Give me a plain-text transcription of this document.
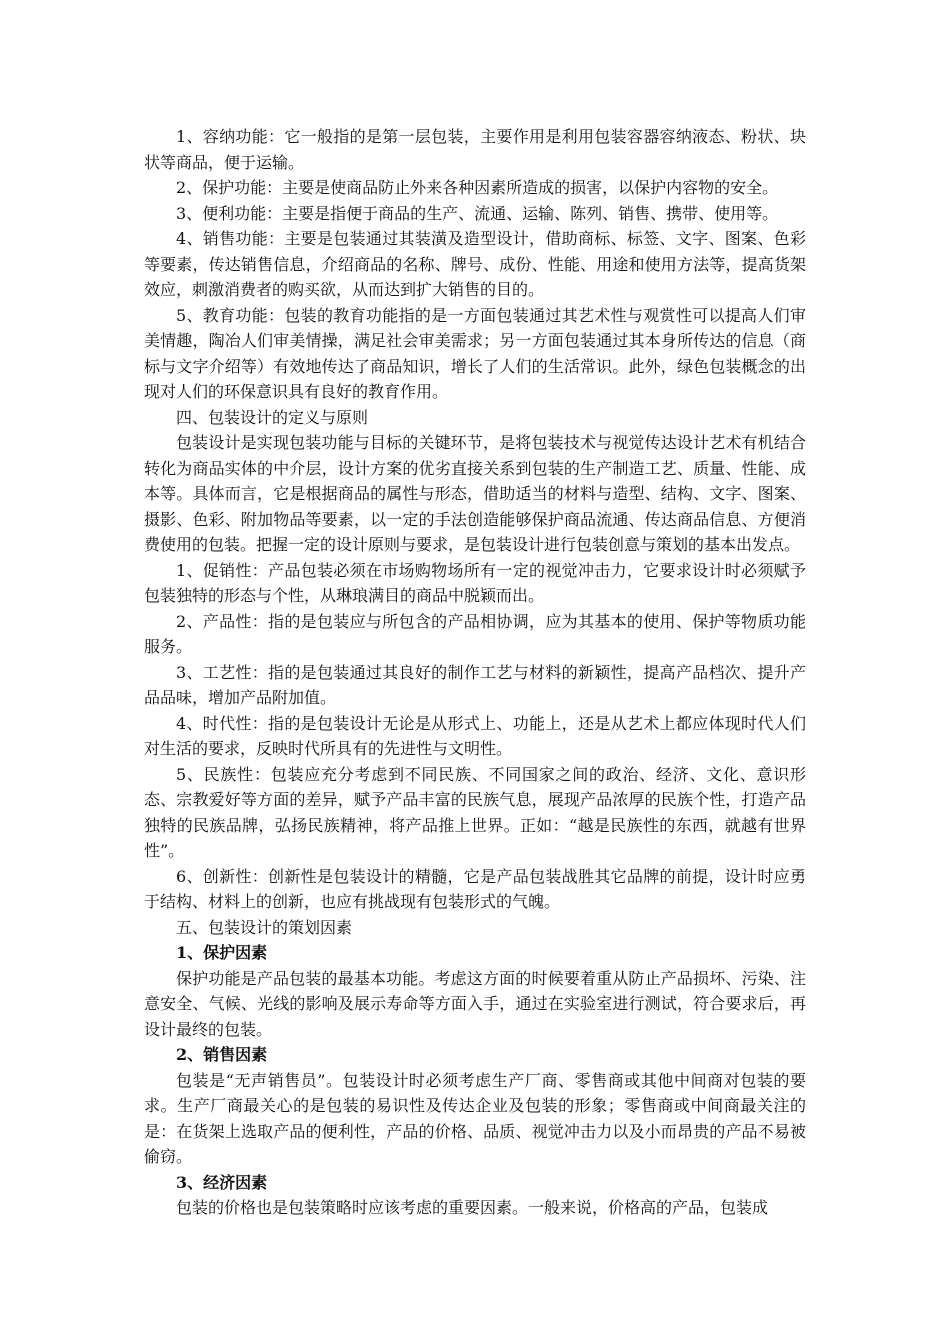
1、容纳功能：它一般指的是第一层包装，主要作用是利用包装容器容纳液态、粉状、块状等商品，便于运输。

2、保护功能：主要是使商品防止外来各种因素所造成的损害，以保护内容物的安全。

3、便利功能：主要是指便于商品的生产、流通、运输、陈列、销售、携带、使用等。

4、销售功能：主要是包装通过其装潢及造型设计，借助商标、标签、文字、图案、色彩等要素，传达销售信息，介绍商品的名称、牌号、成份、性能、用途和使用方法等，提高货架效应，刺激消费者的购买欲，从而达到扩大销售的目的。

5、教育功能：包装的教育功能指的是一方面包装通过其艺术性与观赏性可以提高人们审美情趣，陶冶人们审美情操，满足社会审美需求；另一方面包装通过其本身所传达的信息（商标与文字介绍等）有效地传达了商品知识，增长了人们的生活常识。此外，绿色包装概念的出现对人们的环保意识具有良好的教育作用。

四、包装设计的定义与原则

包装设计是实现包装功能与目标的关键环节，是将包装技术与视觉传达设计艺术有机结合转化为商品实体的中介层，设计方案的优劣直接关系到包装的生产制造工艺、质量、性能、成本等。具体而言，它是根据商品的属性与形态，借助适当的材料与造型、结构、文字、图案、摄影、色彩、附加物品等要素，以一定的手法创造能够保护商品流通、传达商品信息、方便消费使用的包装。把握一定的设计原则与要求，是包装设计进行包装创意与策划的基本出发点。

1、促销性：产品包装必须在市场购物场所有一定的视觉冲击力，它要求设计时必须赋予包装独特的形态与个性，从琳琅满目的商品中脱颖而出。

2、产品性：指的是包装应与所包含的产品相协调，应为其基本的使用、保护等物质功能服务。

3、工艺性：指的是包装通过其良好的制作工艺与材料的新颖性，提高产品档次、提升产品品味，增加产品附加值。

4、时代性：指的是包装设计无论是从形式上、功能上，还是从艺术上都应体现时代人们对生活的要求，反映时代所具有的先进性与文明性。

5、民族性：包装应充分考虑到不同民族、不同国家之间的政治、经济、文化、意识形态、宗教爱好等方面的差异，赋予产品丰富的民族气息，展现产品浓厚的民族个性，打造产品独特的民族品牌，弘扬民族精神，将产品推上世界。正如：“越是民族性的东西，就越有世界性”。

6、创新性：创新性是包装设计的精髓，它是产品包装战胜其它品牌的前提，设计时应勇于结构、材料上的创新，也应有挑战现有包装形式的气魄。

五、包装设计的策划因素

1、保护因素

保护功能是产品包装的最基本功能。考虑这方面的时候要着重从防止产品损坏、污染、注意安全、气候、光线的影响及展示寿命等方面入手，通过在实验室进行测试，符合要求后，再设计最终的包装。

2、销售因素

包装是“无声销售员”。包装设计时必须考虑生产厂商、零售商或其他中间商对包装的要求。生产厂商最关心的是包装的易识性及传达企业及包装的形象；零售商或中间商最关注的是：在货架上选取产品的便利性，产品的价格、品质、视觉冲击力以及小而昂贵的产品不易被偷窃。

3、经济因素

包装的价格也是包装策略时应该考虑的重要因素。一般来说，价格高的产品，包装成
